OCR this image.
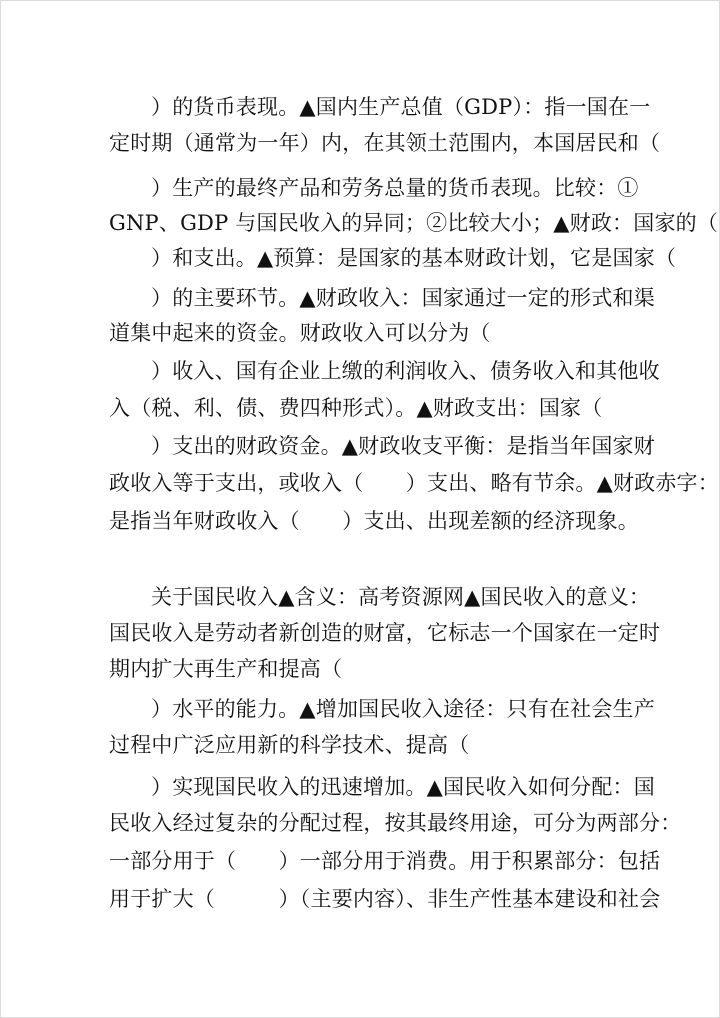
）的货币表现。▲国内生产总值（GDP）：指一国在一
定时期（通常为一年）内，在其领土范围内，本国居民和（
）生产的最终产品和劳务总量的货币表现。比较：①
GNP、GDP 与国民收入的异同；②比较大小；▲财政：国家的（
）和支出。▲预算：是国家的基本财政计划，它是国家（
）的主要环节。▲财政收入：国家通过一定的形式和渠
道集中起来的资金。财政收入可以分为（
）收入、国有企业上缴的利润收入、债务收入和其他收
入（税、利、债、费四种形式）。▲财政支出：国家（
）支出的财政资金。▲财政收支平衡：是指当年国家财
政收入等于支出，或收入（　　）支出、略有节余。▲财政赤字：
是指当年财政收入（　　）支出、出现差额的经济现象。
关于国民收入▲含义：高考资源网▲国民收入的意义：
国民收入是劳动者新创造的财富，它标志一个国家在一定时
期内扩大再生产和提高（
）水平的能力。▲增加国民收入途径：只有在社会生产
过程中广泛应用新的科学技术、提高（
）实现国民收入的迅速增加。▲国民收入如何分配：国
民收入经过复杂的分配过程，按其最终用途，可分为两部分：
一部分用于（　　）一部分用于消费。用于积累部分：包括
用于扩大（　　　）（主要内容）、非生产性基本建设和社会
